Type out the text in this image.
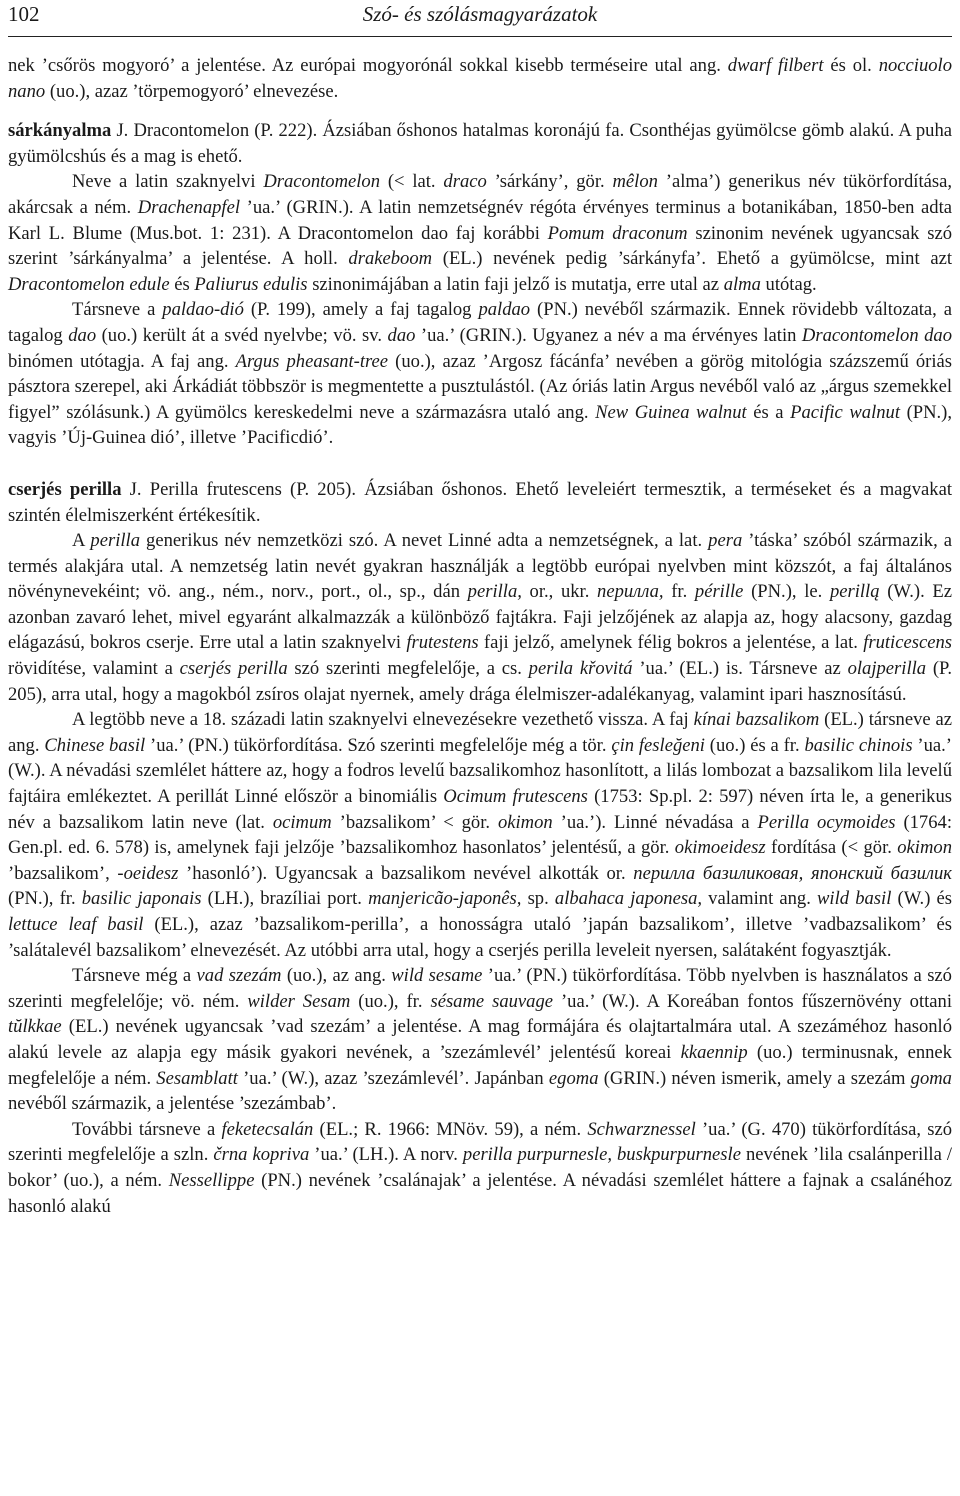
102	Szó- és szólásmagyarázatok

nek ’csőrös mogyoró’ a jelentése. Az európai mogyorónál sokkal kisebb terméseire utal ang. dwarf filbert és ol. nocciuolo nano (uo.), azaz ’törpemogyoró’ elnevezése.

sárkányalma J. Dracontomelon (P. 222). Ázsiában őshonos hatalmas koronájú fa. Csonthéjas gyümölcse gömb alakú. A puha gyümölcshús és a mag is ehető.

Neve a latin szaknyelvi Dracontomelon (< lat. draco ’sárkány’, gör. mêlon ’alma’) generikus név tükörfordítása, akárcsak a ném. Drachenapfel ’ua.’ (GRIN.). A latin nemzetségnév régóta érvényes terminus a botanikában, 1850-ben adta Karl L. Blume (Mus.bot. 1: 231). A Dracontomelon dao faj korábbi Pomum draconum szinonim nevének ugyancsak szó szerint ’sárkányalma’ a jelentése. A holl. drakeboom (EL.) nevének pedig ’sárkányfa’. Ehető a gyümölcse, mint azt Dracontomelon edule és Paliurus edulis szinonimájában a latin faji jelző is mutatja, erre utal az alma utótag.

Társneve a paldao-dió (P. 199), amely a faj tagalog paldao (PN.) nevéből származik. Ennek rövidebb változata, a tagalog dao (uo.) került át a svéd nyelvbe; vö. sv. dao ’ua.’ (GRIN.). Ugyanez a név a ma érvényes latin Dracontomelon dao binómen utótagja. A faj ang. Argus pheasant-tree (uo.), azaz ’Argosz fácánfa’ nevében a görög mitológia százszemű óriás pásztora szerepel, aki Árkádiát többször is megmentette a pusztulástól. (Az óriás latin Argus nevéből való az „árgus szemekkel figyel” szólásunk.) A gyümölcs kereskedelmi neve a származásra utaló ang. New Guinea walnut és a Pacific walnut (PN.), vagyis ’Új-Guinea dió’, illetve ’Pacificdió’.

cserjés perilla J. Perilla frutescens (P. 205). Ázsiában őshonos. Ehető leveleiért termesztik, a terméseket és a magvakat szintén élelmiszerként értékesítik.

A perilla generikus név nemzetközi szó. A nevet Linné adta a nemzetségnek, a lat. pera ’táska’ szóból származik, a termés alakjára utal. A nemzetség latin nevét gyakran használják a legtöbb európai nyelvben mint közszót, a faj általános növénynevekéint; vö. ang., ném., norv., port., ol., sp., dán perilla, or., ukr. перилла, fr. pérille (PN.), le. perillą (W.). Ez azonban zavaró lehet, mivel egyaránt alkalmazzák a különböző fajtákra. Faji jelzőjének az alapja az, hogy alacsony, gazdag elágazású, bokros cserje. Erre utal a latin szaknyelvi frutestens faji jelző, amelynek félig bokros a jelentése, a lat. fruticescens rövidítése, valamint a cserjés perilla szó szerinti megfelelője, a cs. perila křovitá ’ua.’ (EL.) is. Társneve az olajperilla (P. 205), arra utal, hogy a magokból zsíros olajat nyernek, amely drága élelmiszer-adalékanyag, valamint ipari hasznosítású.

A legtöbb neve a 18. századi latin szaknyelvi elnevezésekre vezethető vissza. A faj kínai bazsalikom (EL.) társneve az ang. Chinese basil ’ua.’ (PN.) tükörfordítása. Szó szerinti megfelelője még a tör. çin fesleğeni (uo.) és a fr. basilic chinois ’ua.’ (W.). A névadási szemlélet háttere az, hogy a fodros levelű bazsalikomhoz hasonlított, a lilás lombozat a bazsalikom lila levelű fajtáira emlékeztet. A perillát Linné először a binomiális Ocimum frutescens (1753: Sp.pl. 2: 597) néven írta le, a generikus név a bazsalikom latin neve (lat. ocimum ’bazsalikom’ < gör. okimon ’ua.’). Linné névadása a Perilla ocymoides (1764: Gen.pl. ed. 6. 578) is, amelynek faji jelzője ’bazsalikomhoz hasonlatos’ jelentésű, a gör. okimoeidesz fordítása (< gör. okimon ’bazsalikom’, -oeidesz ’hasonló’). Ugyancsak a bazsalikom nevével alkották or. перилла базиликовая, японский базилик (PN.), fr. basilic japonais (LH.), brazíliai port. manjericão-japonês, sp. albahaca japonesa, valamint ang. wild basil (W.) és lettuce leaf basil (EL.), azaz ’bazsalikom-perilla’, a honosságra utaló ’japán bazsalikom’, illetve ’vadbazsalikom’ és ’salátalevél bazsalikom’ elnevezését. Az utóbbi arra utal, hogy a cserjés perilla leveleit nyersen, salátaként fogyasztják.

Társneve még a vad szezám (uo.), az ang. wild sesame ’ua.’ (PN.) tükörfordítása. Több nyelvben is használatos a szó szerinti megfelelője; vö. ném. wilder Sesam (uo.), fr. sésame sauvage ’ua.’ (W.). A Koreában fontos fűszernövény ottani tŭlkkae (EL.) nevének ugyancsak ’vad szezám’ a jelentése. A mag formájára és olajtartalmára utal. A szezáméhoz hasonló alakú levele az alapja egy másik gyakori nevének, a ’szezámlevél’ jelentésű koreai kkaennip (uo.) terminusnak, ennek megfelelője a ném. Sesamblatt ’ua.’ (W.), azaz ’szezámlevél’. Japánban egoma (GRIN.) néven ismerik, amely a szezám goma nevéből származik, a jelentése ’szezámbab’.

További társneve a feketecsalán (EL.; R. 1966: MNöv. 59), a ném. Schwarznessel ’ua.’ (G. 470) tükörfordítása, szó szerinti megfelelője a szln. črna kopriva ’ua.’ (LH.). A norv. perilla purpurnesle, buskpurpurnesle nevének ’lila csalánperilla / bokor’ (uo.), a ném. Nessellippe (PN.) nevének ’csalánajak’ a jelentése. A névadási szemlélet háttere a fajnak a csalánéhoz hasonló alakú
